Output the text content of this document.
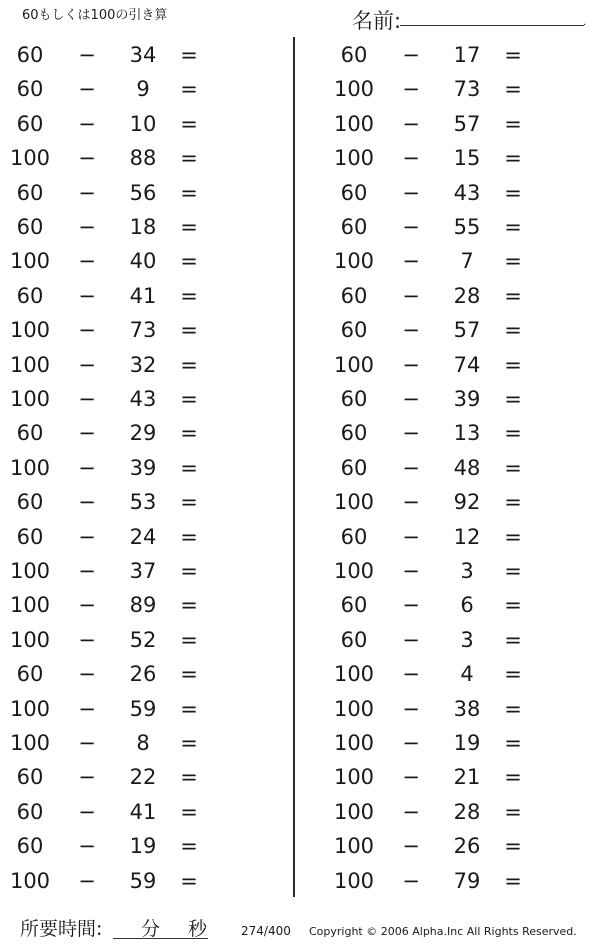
60もしくは100の引き算	名前:	.
60	−	34	=
60	−	9	=
60	−	10	=
100	−	88	=
60	−	56	=
60	−	18	=
100	−	40	=
60	−	41	=
100	−	73	=
100	−	32	=
100	−	43	=
60	−	29	=
100	−	39	=
60	−	53	=
60	−	24	=
100	−	37	=
100	−	89	=
100	−	52	=
60	−	26	=
100	−	59	=
100	−	8	=
60	−	22	=
60	−	41	=
60	−	19	=
100	−	59	=
60	−	17	=
100	−	73	=
100	−	57	=
100	−	15	=
60	−	43	=
60	−	55	=
100	−	7	=
60	−	28	=
60	−	57	=
100	−	74	=
60	−	39	=
60	−	13	=
60	−	48	=
100	−	92	=
60	−	12	=
100	−	3	=
60	−	6	=
60	−	3	=
100	−	4	=
100	−	38	=
100	−	19	=
100	−	21	=
100	−	28	=
100	−	26	=
100	−	79	=
所要時間: 分 秒	274/400 Copyright © 2006 Alpha.Inc All Rights Reserved.
